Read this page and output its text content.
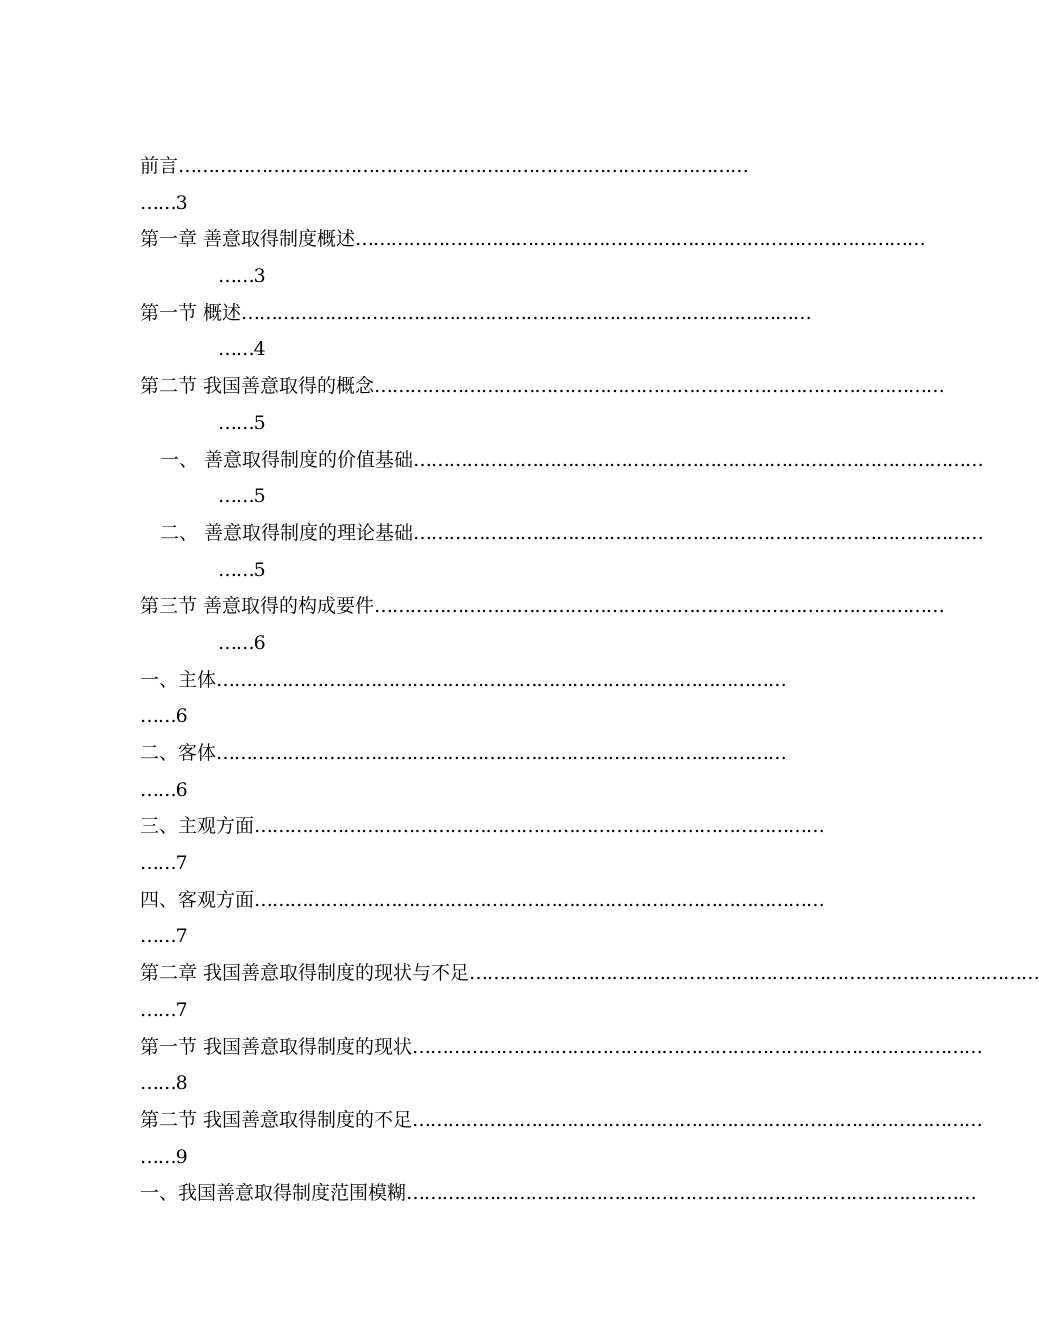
前言……………………………………………………………………………………
……3
第一章 善意取得制度概述……………………………………………………………………………………
……3
第一节 概述……………………………………………………………………………………
……4
第二节 我国善意取得的概念……………………………………………………………………………………
……5
一、 善意取得制度的价值基础……………………………………………………………………………………
……5
二、 善意取得制度的理论基础……………………………………………………………………………………
……5
第三节 善意取得的构成要件……………………………………………………………………………………
……6
一、主体……………………………………………………………………………………
……6
二、客体……………………………………………………………………………………
……6
三、主观方面……………………………………………………………………………………
……7
四、客观方面……………………………………………………………………………………
……7
第二章 我国善意取得制度的现状与不足……………………………………………………………………………………
……7
第一节 我国善意取得制度的现状……………………………………………………………………………………
……8
第二节 我国善意取得制度的不足……………………………………………………………………………………
……9
一、我国善意取得制度范围模糊……………………………………………………………………………………
